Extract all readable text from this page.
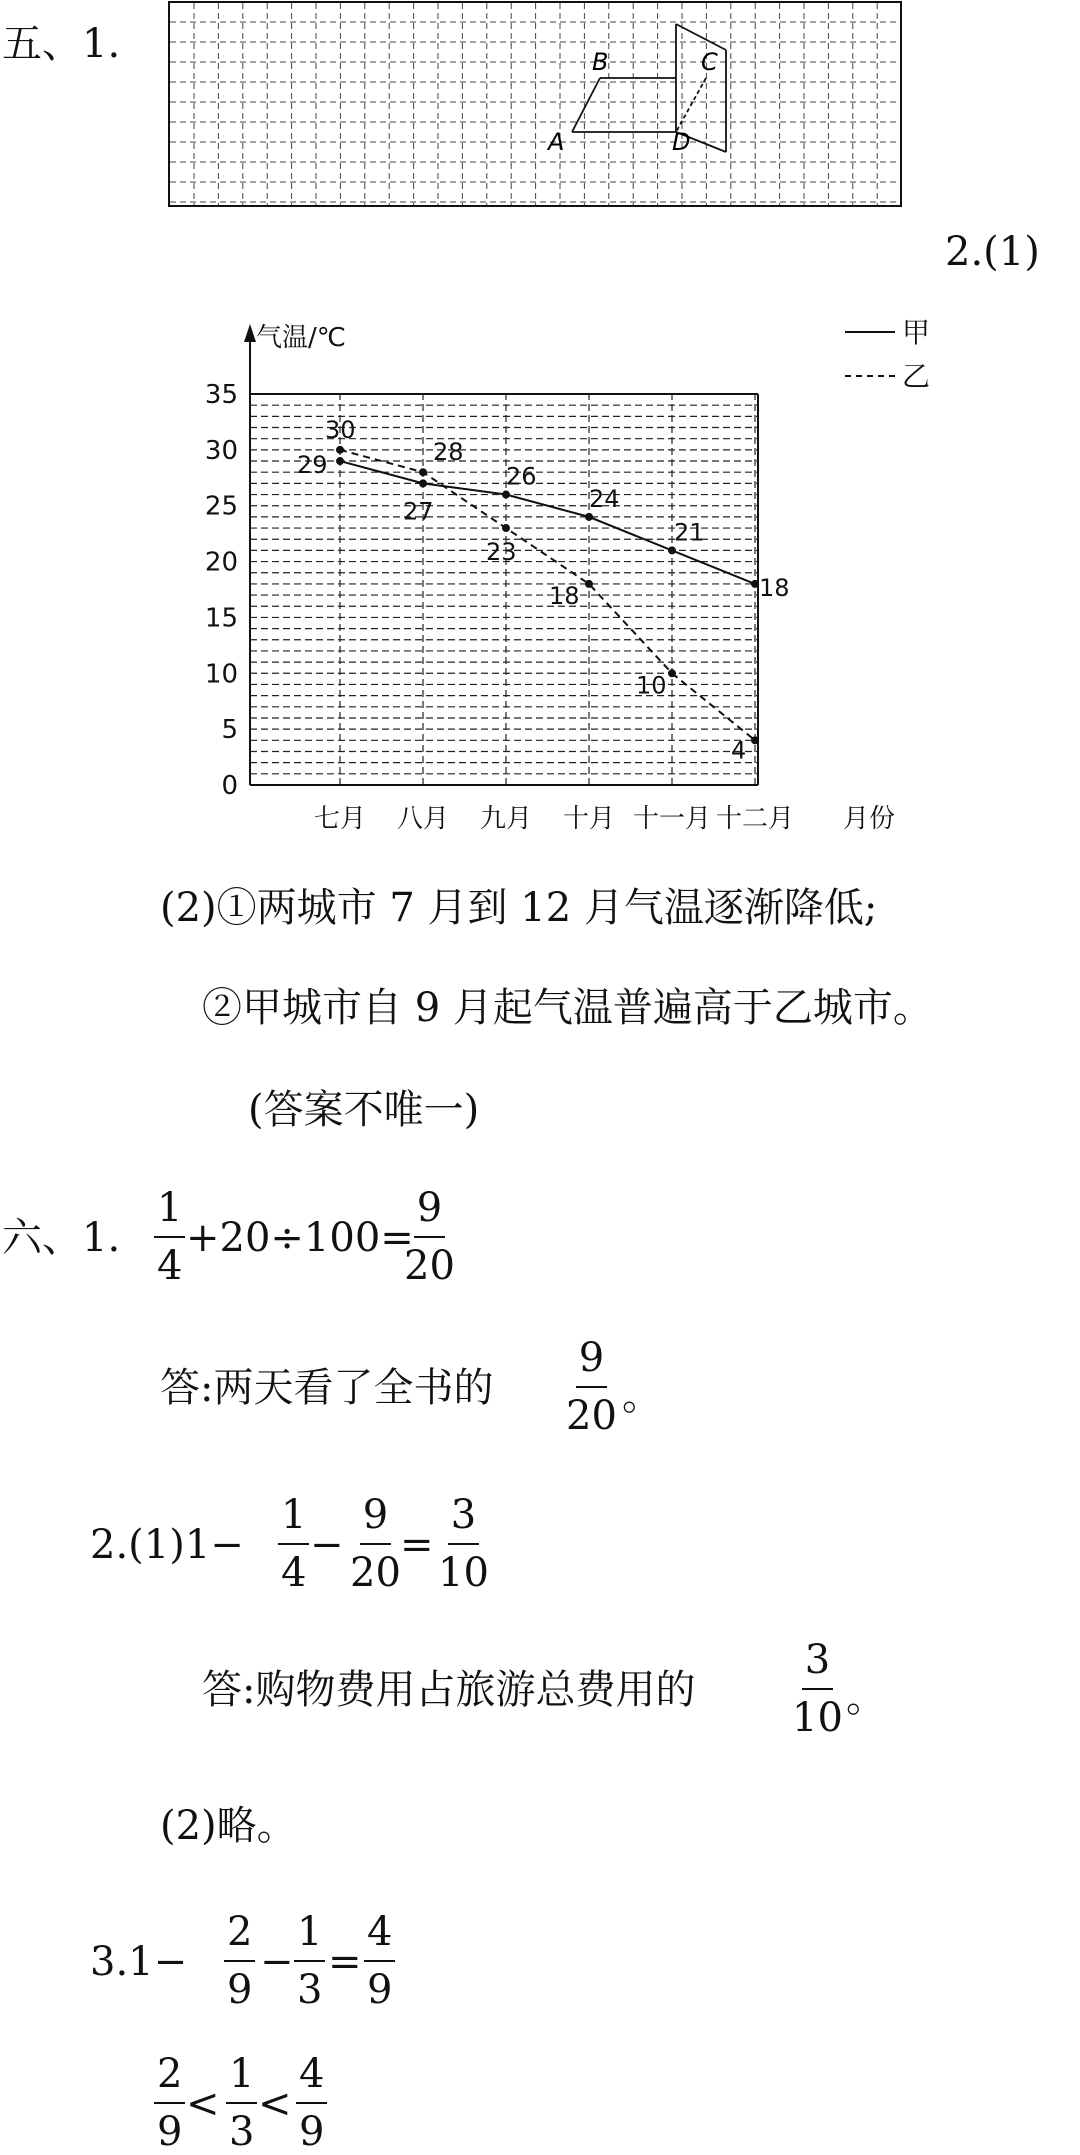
五、1.	B	C
A	D
2.(1)
0
5
10
15
20
25
30
35
七月 八月 九月 十月 十一月 十二月
气温/℃
月份
甲
乙
29
27
26
24
21
18
30
28
23
18
10
4
(2)①两城市 7 月到 12 月气温逐渐降低;
②甲城市自 9 月起气温普遍高于乙城市。
(答案不唯一)
六、1. $\frac{1}{4} +20\div 100=$
$\frac{9}{20}$
答:两天看了全书的 $\frac{9}{20}$ 。
$2.(1)1- \frac{1}{4} - \frac{9}{20} = \frac{3}{10}$
答:购物费用占旅游总费用的 $\frac{3}{10}$ 。
(2)略。
$3.1- \frac{2}{9} - \frac{1}{3} = \frac{4}{9}$
$\frac{2}{9} < \frac{1}{3} < \frac{4}{9}$
